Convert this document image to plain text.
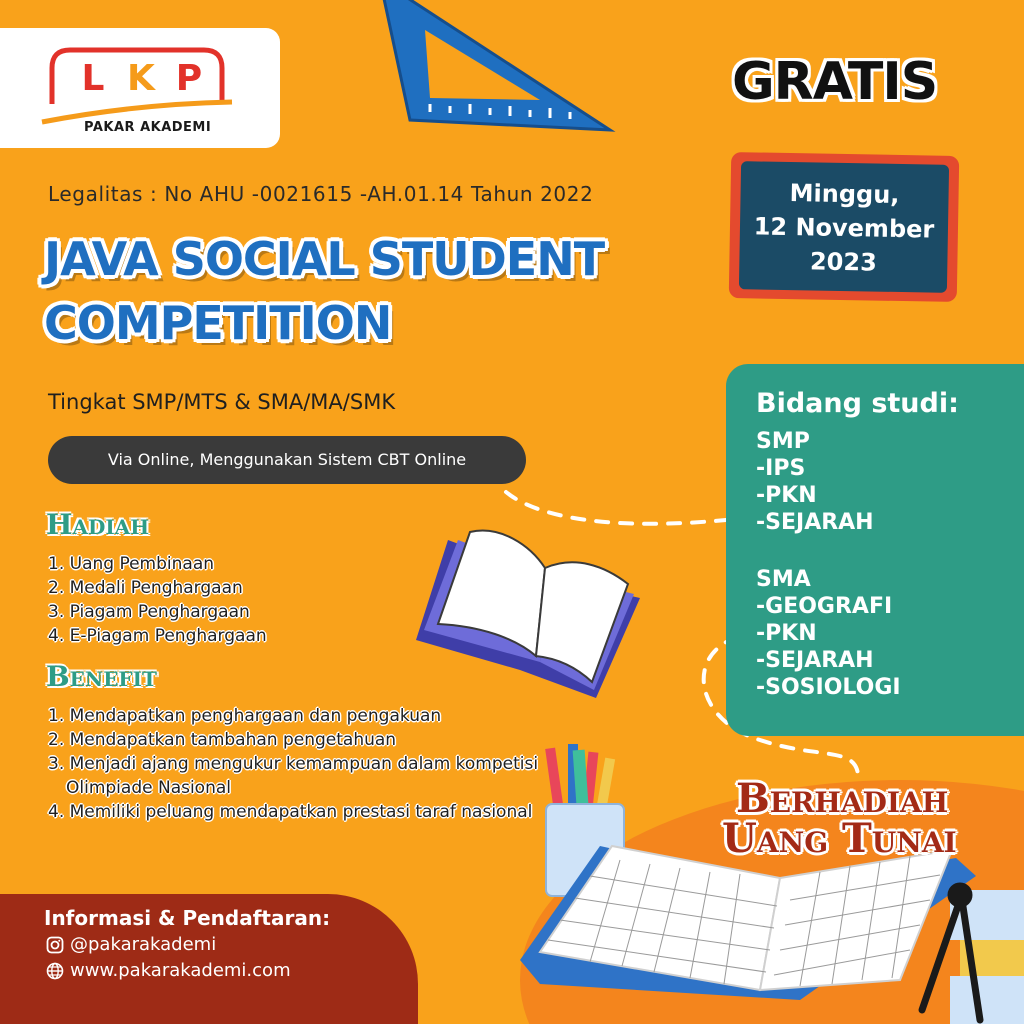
L K P
PAKAR AKADEMI
Legalitas : No AHU -0021615 -AH.01.14 Tahun 2022
JAVA SOCIAL STUDENT
COMPETITION
Tingkat SMP/MTS & SMA/MA/SMK
Via Online, Menggunakan Sistem CBT Online
Hadiah
1. Uang Pembinaan
2. Medali Penghargaan
3. Piagam Penghargaan
4. E-Piagam Penghargaan
Benefit
1. Mendapatkan penghargaan dan pengakuan
2. Mendapatkan tambahan pengetahuan
3. Menjadi ajang mengukur kemampuan dalam kompetisi Olimpiade Nasional
4. Memiliki peluang mendapatkan prestasi taraf nasional
GRATIS
Minggu,
12 November
2023
Bidang studi:
SMP
-IPS
-PKN
-SEJARAH
SMA
-GEOGRAFI
-PKN
-SEJARAH
-SOSIOLOGI
Berhadiah
Uang Tunai
Informasi & Pendaftaran:
@pakarakademi
www.pakarakademi.com
